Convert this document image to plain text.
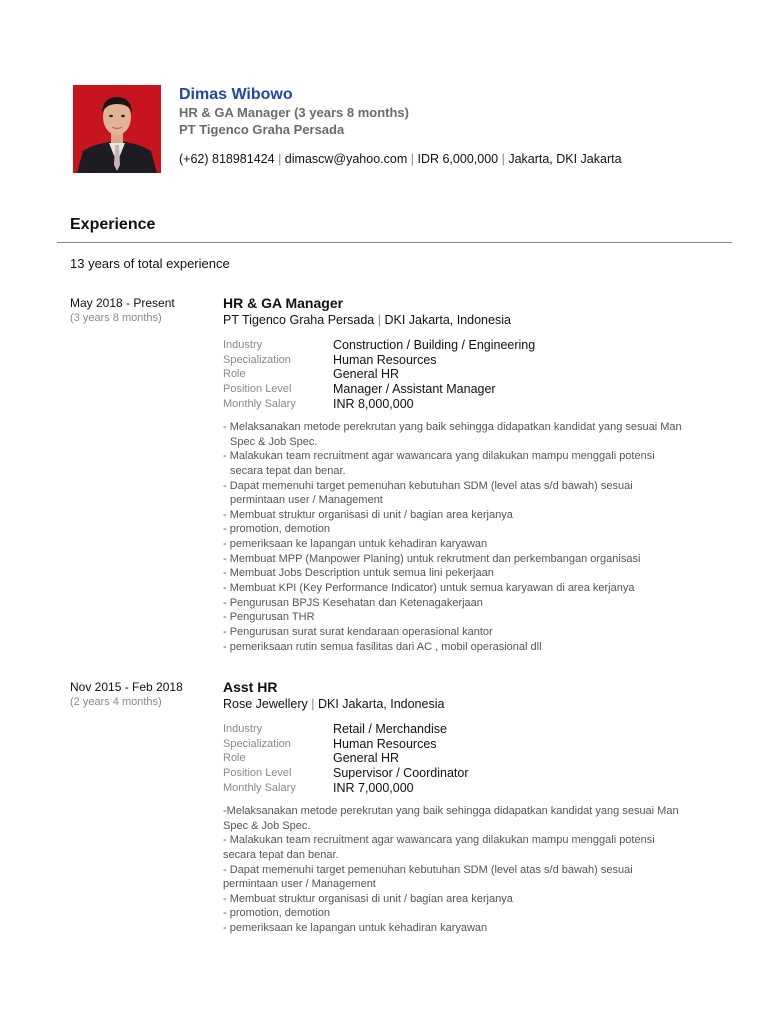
Dimas Wibowo
HR & GA Manager (3 years 8 months)
PT Tigenco Graha Persada
(+62) 818981424 | dimascw@yahoo.com | IDR 6,000,000 | Jakarta, DKI Jakarta
Experience
13 years of total experience
May 2018 - Present
(3 years 8 months)
HR & GA Manager
PT Tigenco Graha Persada | DKI Jakarta, Indonesia
Industry	Construction / Building / Engineering
Specialization	Human Resources
Role	General HR
Position Level	Manager / Assistant Manager
Monthly Salary	INR 8,000,000
- Melaksanakan metode perekrutan yang baik sehingga didapatkan kandidat yang sesuai Man
Spec & Job Spec.
- Malakukan team recruitment agar wawancara yang dilakukan mampu menggali potensi
secara tepat dan benar.
- Dapat memenuhi target pemenuhan kebutuhan SDM (level atas s/d bawah) sesuai
permintaan user / Management
- Membuat struktur organisasi di unit / bagian area kerjanya
- promotion, demotion
- pemeriksaan ke lapangan untuk kehadiran karyawan
- Membuat MPP (Manpower Planing) untuk rekrutment dan perkembangan organisasi
- Membuat Jobs Description untuk semua lini pekerjaan
- Membuat KPI (Key Performance Indicator) untuk semua karyawan di area kerjanya
- Pengurusan BPJS Kesehatan dan Ketenagakerjaan
- Pengurusan THR
- Pengurusan surat surat kendaraan operasional kantor
- pemeriksaan rutin semua fasilitas dari AC , mobil operasional dll
Nov 2015 - Feb 2018
(2 years 4 months)
Asst HR
Rose Jewellery | DKI Jakarta, Indonesia
Industry	Retail / Merchandise
Specialization	Human Resources
Role	General HR
Position Level	Supervisor / Coordinator
Monthly Salary	INR 7,000,000
-Melaksanakan metode perekrutan yang baik sehingga didapatkan kandidat yang sesuai Man
Spec & Job Spec.
- Malakukan team recruitment agar wawancara yang dilakukan mampu menggali potensi
secara tepat dan benar.
- Dapat memenuhi target pemenuhan kebutuhan SDM (level atas s/d bawah) sesuai
permintaan user / Management
- Membuat struktur organisasi di unit / bagian area kerjanya
- promotion, demotion
- pemeriksaan ke lapangan untuk kehadiran karyawan
